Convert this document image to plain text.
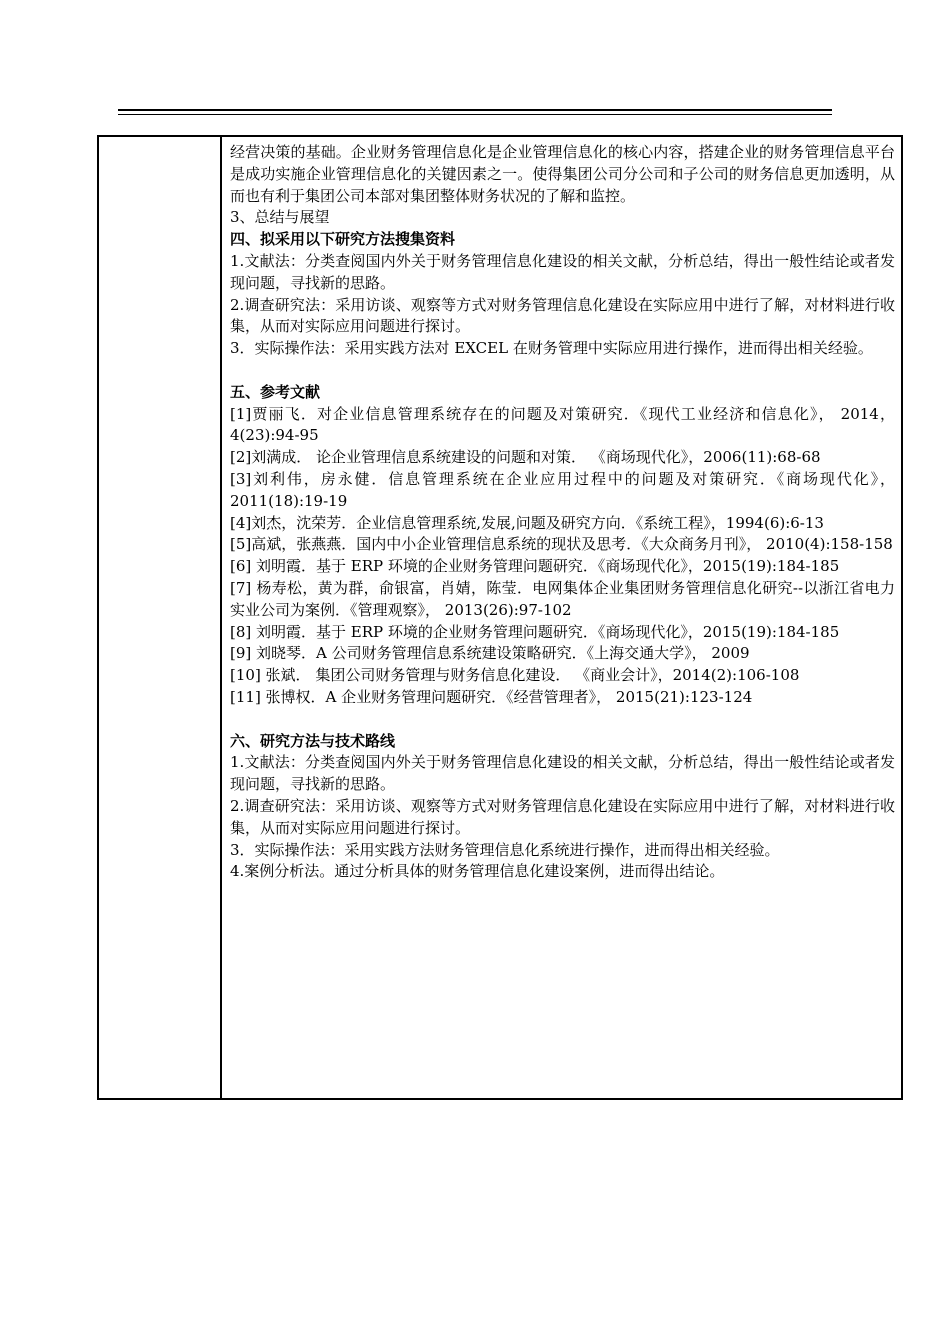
经营决策的基础。企业财务管理信息化是企业管理信息化的核心内容，搭建企业的财务管理信息平台是成功实施企业管理信息化的关键因素之一。使得集团公司分公司和子公司的财务信息更加透明，从而也有利于集团公司本部对集团整体财务状况的了解和监控。

3、总结与展望

四、拟采用以下研究方法搜集资料

1.文献法：分类查阅国内外关于财务管理信息化建设的相关文献，分析总结，得出一般性结论或者发现问题，寻找新的思路。

2.调查研究法：采用访谈、观察等方式对财务管理信息化建设在实际应用中进行了解，对材料进行收集，从而对实际应用问题进行探讨。

3．实际操作法：采用实践方法对 EXCEL 在财务管理中实际应用进行操作，进而得出相关经验。

五、参考文献

[1]贾丽飞．对企业信息管理系统存在的问题及对策研究．《现代工业经济和信息化》， 2014， 4(23):94-95

[2]刘满成． 论企业管理信息系统建设的问题和对策． 《商场现代化》，2006(11):68-68

[3]刘利伟，房永健．信息管理系统在企业应用过程中的问题及对策研究．《商场现代化》， 2011(18):19-19

[4]刘杰，沈荣芳．企业信息管理系统,发展,问题及研究方向．《系统工程》，1994(6):6-13

[5]高斌，张燕燕．国内中小企业管理信息系统的现状及思考．《大众商务月刊》， 2010(4):158-158

[6] 刘明霞．基于 ERP 环境的企业财务管理问题研究．《商场现代化》，2015(19):184-185

[7] 杨寿松，黄为群，俞银富，肖婧，陈莹．电网集体企业集团财务管理信息化研究--以浙江省电力实业公司为案例．《管理观察》， 2013(26):97-102

[8] 刘明霞．基于 ERP 环境的企业财务管理问题研究．《商场现代化》，2015(19):184-185

[9] 刘晓琴．A 公司财务管理信息系统建设策略研究．《上海交通大学》， 2009

[10] 张斌． 集团公司财务管理与财务信息化建设． 《商业会计》，2014(2):106-108

[11] 张博权．A 企业财务管理问题研究．《经营管理者》， 2015(21):123-124

六、研究方法与技术路线

1.文献法：分类查阅国内外关于财务管理信息化建设的相关文献，分析总结，得出一般性结论或者发现问题，寻找新的思路。

2.调查研究法：采用访谈、观察等方式对财务管理信息化建设在实际应用中进行了解，对材料进行收集，从而对实际应用问题进行探讨。

3．实际操作法：采用实践方法财务管理信息化系统进行操作，进而得出相关经验。

4.案例分析法。通过分析具体的财务管理信息化建设案例，进而得出结论。
